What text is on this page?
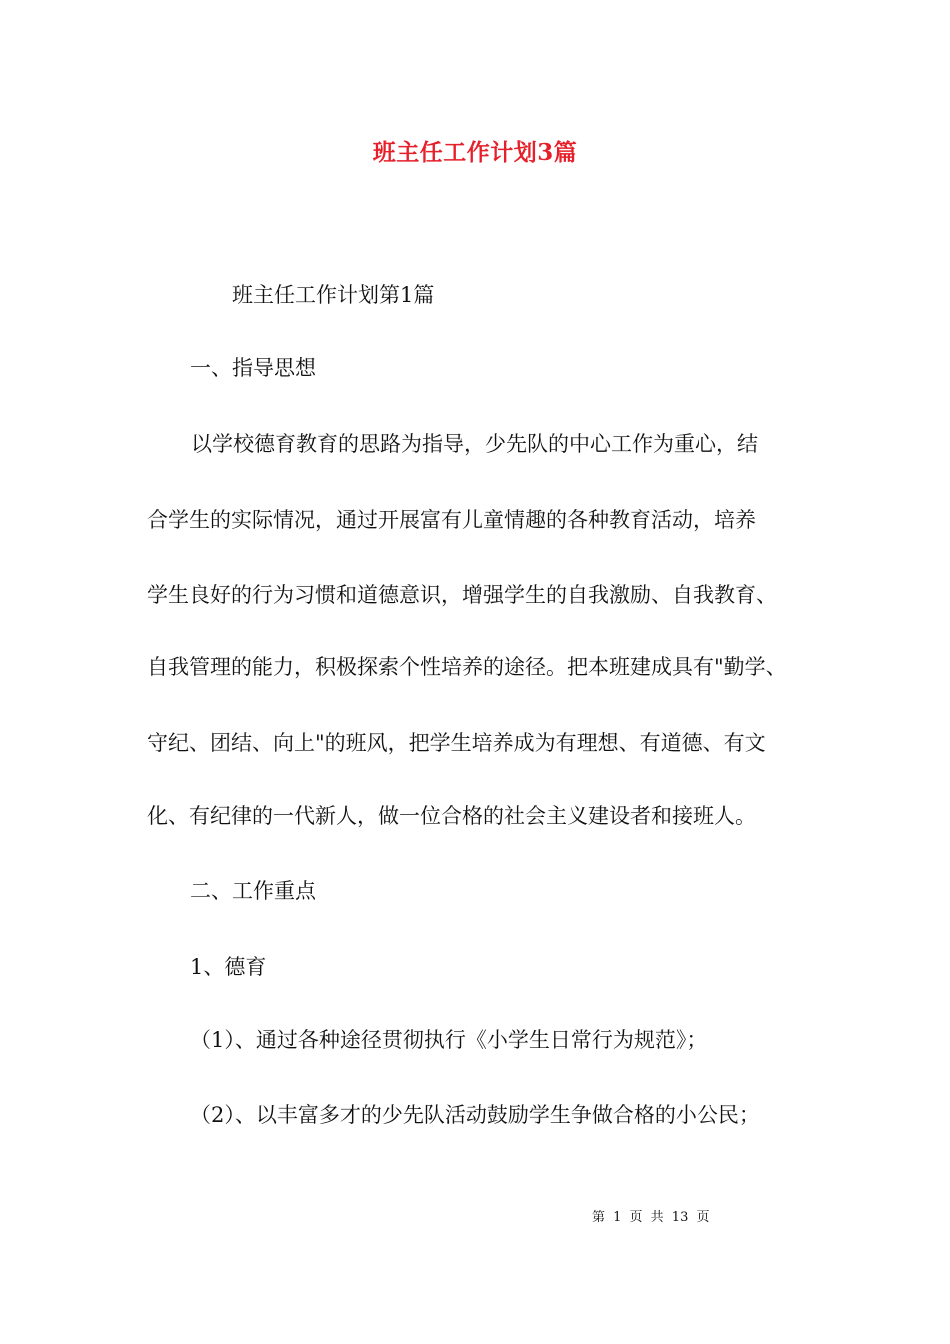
班主任工作计划3篇
班主任工作计划第1篇
一、指导思想
以学校德育教育的思路为指导，少先队的中心工作为重心，结
合学生的实际情况，通过开展富有儿童情趣的各种教育活动，培养
学生良好的行为习惯和道德意识，增强学生的自我激励、自我教育、
自我管理的能力，积极探索个性培养的途径。把本班建成具有"勤学、
守纪、团结、向上"的班风，把学生培养成为有理想、有道德、有文
化、有纪律的一代新人，做一位合格的社会主义建设者和接班人。
二、工作重点
1、德育
（1）、通过各种途径贯彻执行《小学生日常行为规范》；
（2）、以丰富多才的少先队活动鼓励学生争做合格的小公民；
第 1 页 共 13 页
